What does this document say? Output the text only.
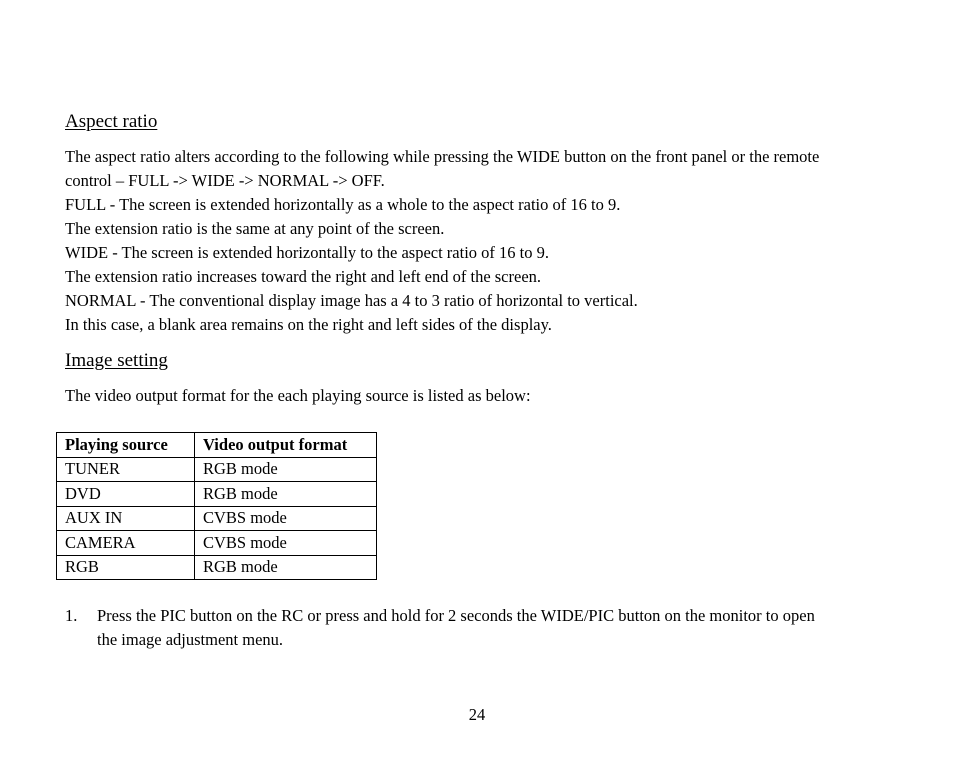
Aspect ratio
The aspect ratio alters according to the following while pressing the WIDE button on the front panel or the remote
control – FULL -> WIDE -> NORMAL -> OFF.
FULL - The screen is extended horizontally as a whole to the aspect ratio of 16 to 9.
The extension ratio is the same at any point of the screen.
WIDE - The screen is extended horizontally to the aspect ratio of 16 to 9.
The extension ratio increases toward the right and left end of the screen.
NORMAL - The conventional display image has a 4 to 3 ratio of horizontal to vertical.
In this case, a blank area remains on the right and left sides of the display.
Image setting

The video output format for the each playing source is listed as below:

Playing source	Video output format
TUNER	RGB mode
DVD	RGB mode
AUX IN	CVBS mode
CAMERA	CVBS mode
RGB	RGB mode
1. Press the PIC button on the RC or press and hold for 2 seconds the WIDE/PIC button on the monitor to open
the image adjustment menu.
24
